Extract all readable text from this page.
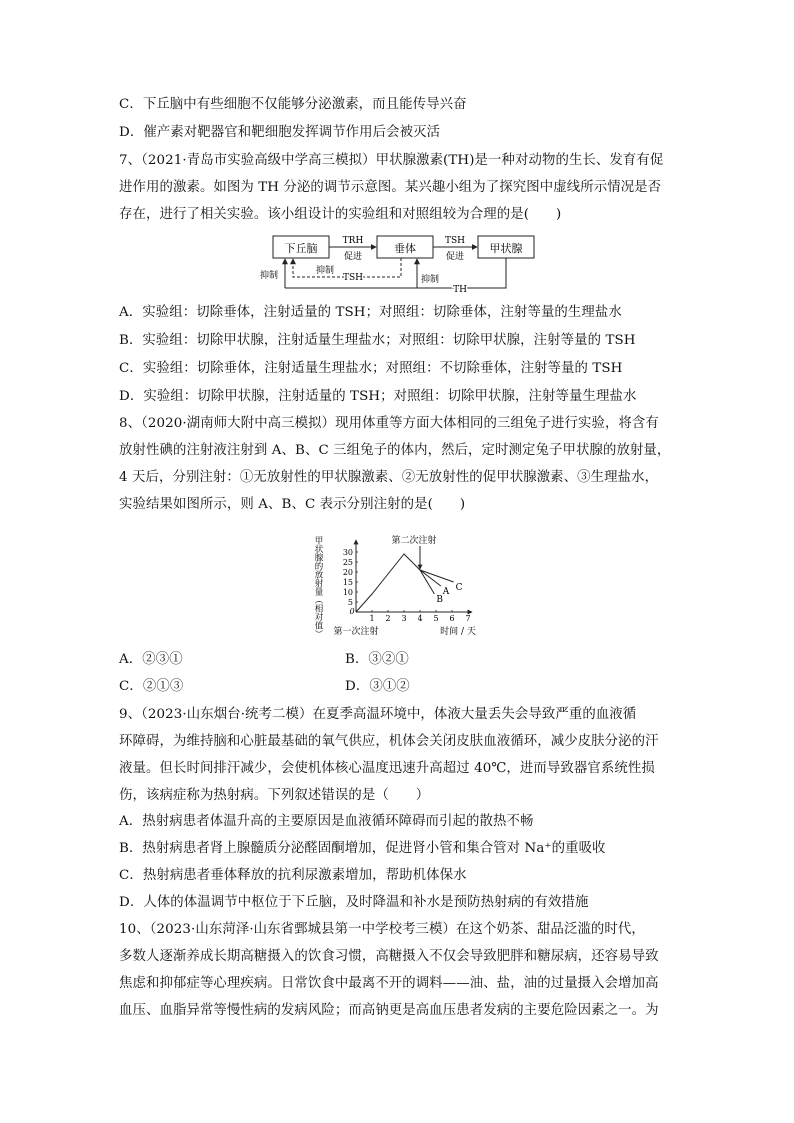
C．下丘脑中有些细胞不仅能够分泌激素，而且能传导兴奋
D．催产素对靶器官和靶细胞发挥调节作用后会被灭活
7、（2021·青岛市实验高级中学高三模拟）甲状腺激素(TH)是一种对动物的生长、发育有促
进作用的激素。如图为 TH 分泌的调节示意图。某兴趣小组为了探究图中虚线所示情况是否
存在，进行了相关实验。该小组设计的实验组和对照组较为合理的是(　　)
下丘脑	垂体	甲状腺
TRH
促进
TSH
促进
抑制
TSH
抑制	抑制
TH
A．实验组：切除垂体，注射适量的 TSH；对照组：切除垂体，注射等量的生理盐水
B．实验组：切除甲状腺，注射适量生理盐水；对照组：切除甲状腺，注射等量的 TSH
C．实验组：切除垂体，注射适量生理盐水；对照组：不切除垂体，注射等量的 TSH
D．实验组：切除甲状腺，注射适量的 TSH；对照组：切除甲状腺，注射等量生理盐水
8、（2020·湖南师大附中高三模拟）现用体重等方面大体相同的三组兔子进行实验，将含有
放射性碘的注射液注射到 A、B、C 三组兔子的体内，然后，定时测定兔子甲状腺的放射量，
4 天后，分别注射：①无放射性的甲状腺激素、②无放射性的促甲状腺激素、③生理盐水，
实验结果如图所示，则 A、B、C 表示分别注射的是(　　)
0
1 2 3 4 5 6 7
5
10
15
20
25
30
甲状腺的放射量（相对值）	时间 / 天
第一次注射
A
B
C
第二次注射
A．②③①	B．③②①
C．②①③	D．③①②
9、（2023·山东烟台·统考二模）在夏季高温环境中，体液大量丢失会导致严重的血液循
环障碍，为维持脑和心脏最基础的氧气供应，机体会关闭皮肤血液循环，减少皮肤分泌的汗
液量。但长时间排汗减少，会使机体核心温度迅速升高超过 40℃，进而导致器官系统性损
伤，该病症称为热射病。下列叙述错误的是（　　）
A．热射病患者体温升高的主要原因是血液循环障碍而引起的散热不畅
B．热射病患者肾上腺髓质分泌醛固酮增加，促进肾小管和集合管对 Na⁺的重吸收
C．热射病患者垂体释放的抗利尿激素增加，帮助机体保水
D．人体的体温调节中枢位于下丘脑，及时降温和补水是预防热射病的有效措施
10、（2023·山东菏泽·山东省鄄城县第一中学校考三模）在这个奶茶、甜品泛滥的时代，
多数人逐渐养成长期高糖摄入的饮食习惯，高糖摄入不仅会导致肥胖和糖尿病，还容易导致
焦虑和抑郁症等心理疾病。日常饮食中最离不开的调料——油、盐，油的过量摄入会增加高
血压、血脂异常等慢性病的发病风险；而高钠更是高血压患者发病的主要危险因素之一。为
